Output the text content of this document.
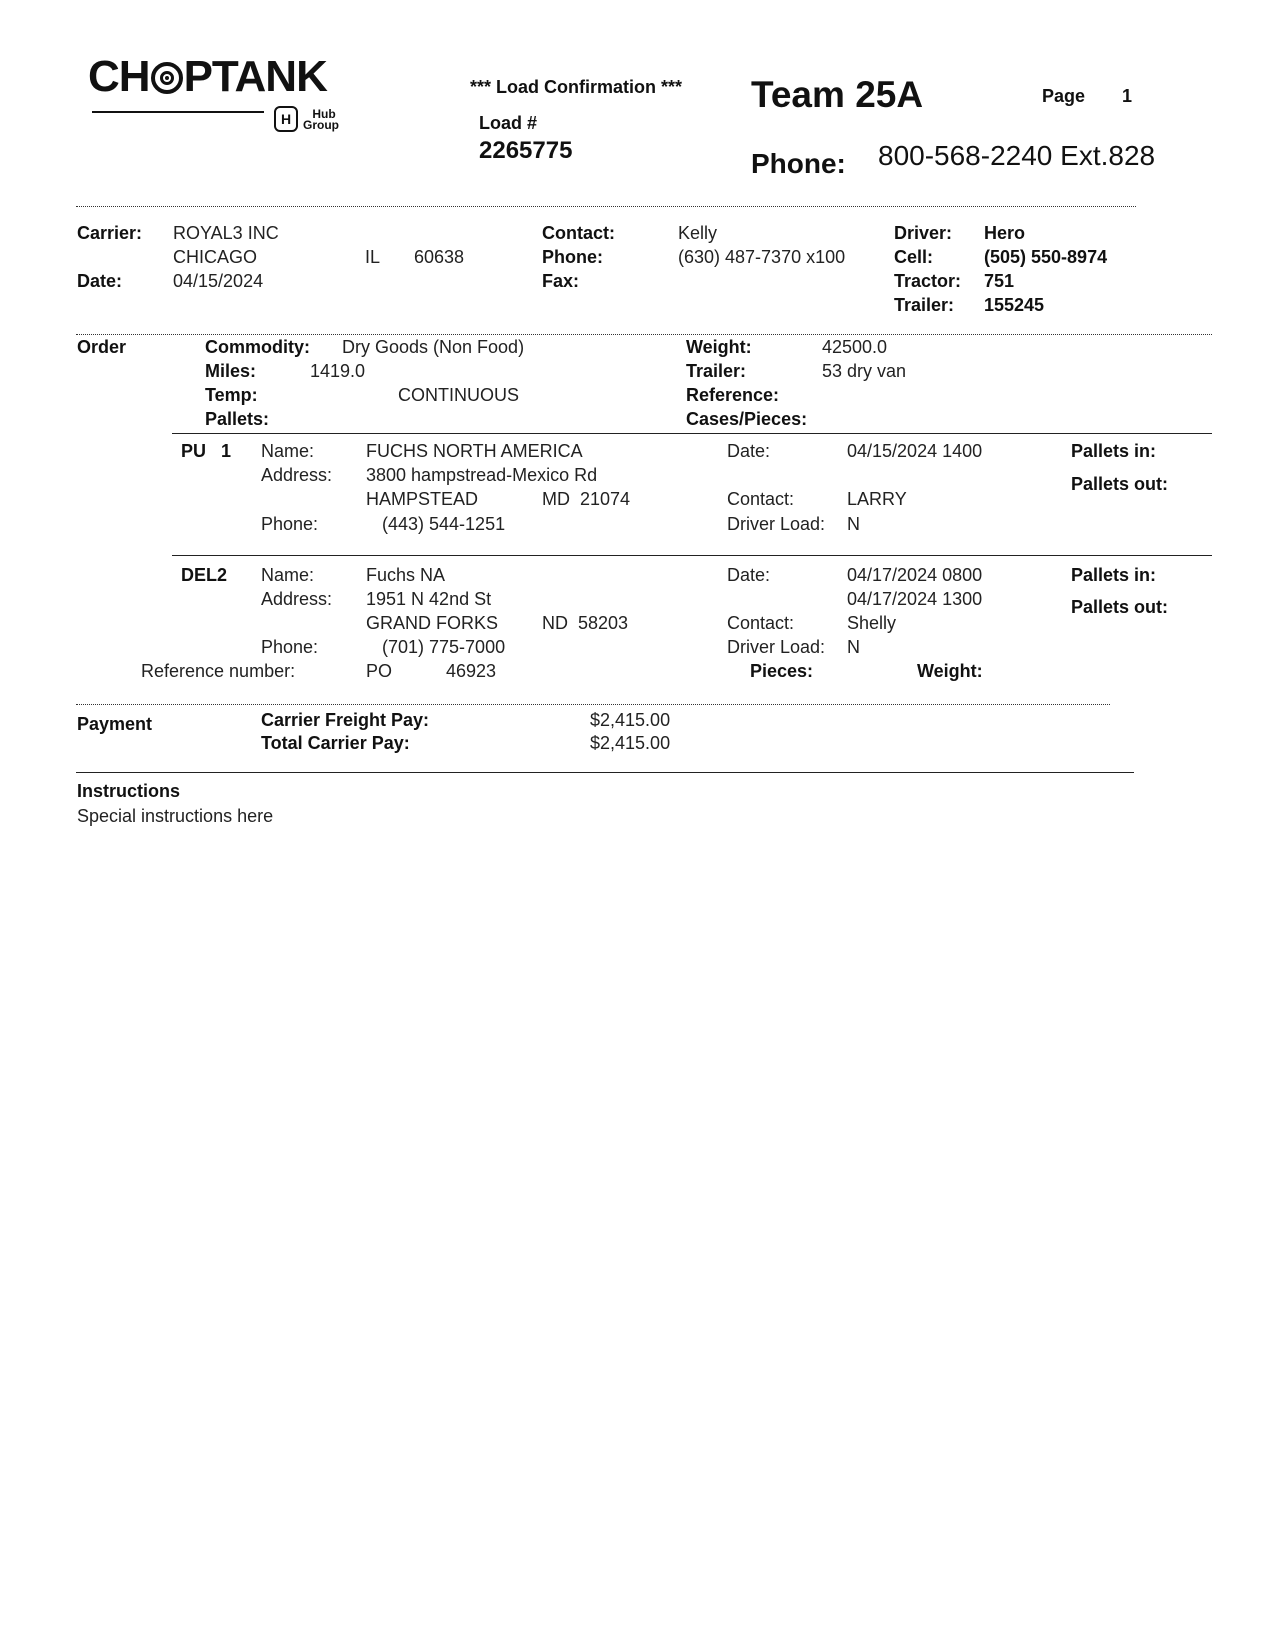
CH PTANK
H	Hub
Group
*** Load Confirmation ***
Load #
2265775
Team 25A	Page 1
Phone: 800-568-2240 Ext.828
Carrier: ROYAL3 INC
CHICAGO	IL 60638
Date:	04/15/2024
Contact:	Kelly
Phone:	(630) 487-7370 x100
Fax:
Driver: Hero
Cell:	(505) 550-8974
Tractor: 751
Trailer: 155245
Order	Commodity: Dry Goods (Non Food)
Miles:	1419.0
Temp:	CONTINUOUS
Pallets:
Weight:	42500.0
Trailer:	53 dry van
Reference:
Cases/Pieces:
PU 1 Name:	FUCHS NORTH AMERICA
Address: 3800 hampstread-Mexico Rd
HAMPSTEAD	MD  21074
Phone:	(443) 544-1251
Date:	04/15/2024 1400
Contact:	LARRY
Driver Load: N
Pallets in:
Pallets out:
DEL2 Name:	Fuchs NA
Address: 1951 N 42nd St
GRAND FORKS ND  58203
Phone:	(701) 775-7000
Reference number:	PO	46923
Date:	04/17/2024 0800
04/17/2024 1300
Contact:	Shelly
Driver Load: N
Pieces:	Weight:
Pallets in:
Pallets out:
Payment	Carrier Freight Pay:	$2,415.00
Total Carrier Pay:	$2,415.00
Instructions
Special instructions here
